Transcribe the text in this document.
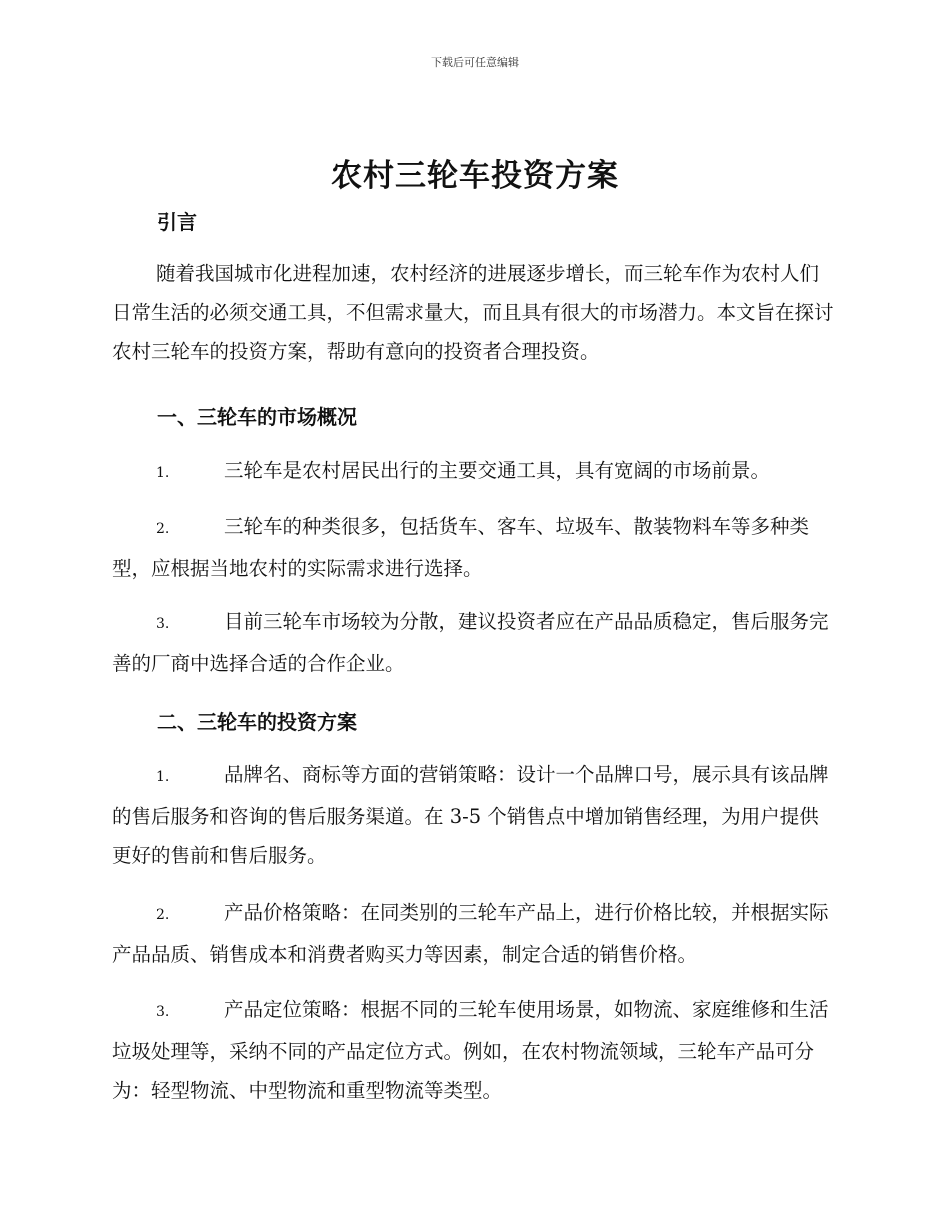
下载后可任意编辑
农村三轮车投资方案
引言

随着我国城市化进程加速，农村经济的进展逐步增长，而三轮车作为农村人们日常生活的必须交通工具，不但需求量大，而且具有很大的市场潜力。本文旨在探讨农村三轮车的投资方案，帮助有意向的投资者合理投资。

一、三轮车的市场概况
1.	三轮车是农村居民出行的主要交通工具，具有宽阔的市场前景。
2.	三轮车的种类很多，包括货车、客车、垃圾车、散装物料车等多种类型，应根据当地农村的实际需求进行选择。
3.	目前三轮车市场较为分散，建议投资者应在产品品质稳定，售后服务完善的厂商中选择合适的合作企业。
二、三轮车的投资方案
1.	品牌名、商标等方面的营销策略：设计一个品牌口号，展示具有该品牌的售后服务和咨询的售后服务渠道。在 3-5 个销售点中增加销售经理，为用户提供更好的售前和售后服务。
2.	产品价格策略：在同类别的三轮车产品上，进行价格比较，并根据实际产品品质、销售成本和消费者购买力等因素，制定合适的销售价格。
3.	产品定位策略：根据不同的三轮车使用场景，如物流、家庭维修和生活垃圾处理等，采纳不同的产品定位方式。例如，在农村物流领域，三轮车产品可分为：轻型物流、中型物流和重型物流等类型。
